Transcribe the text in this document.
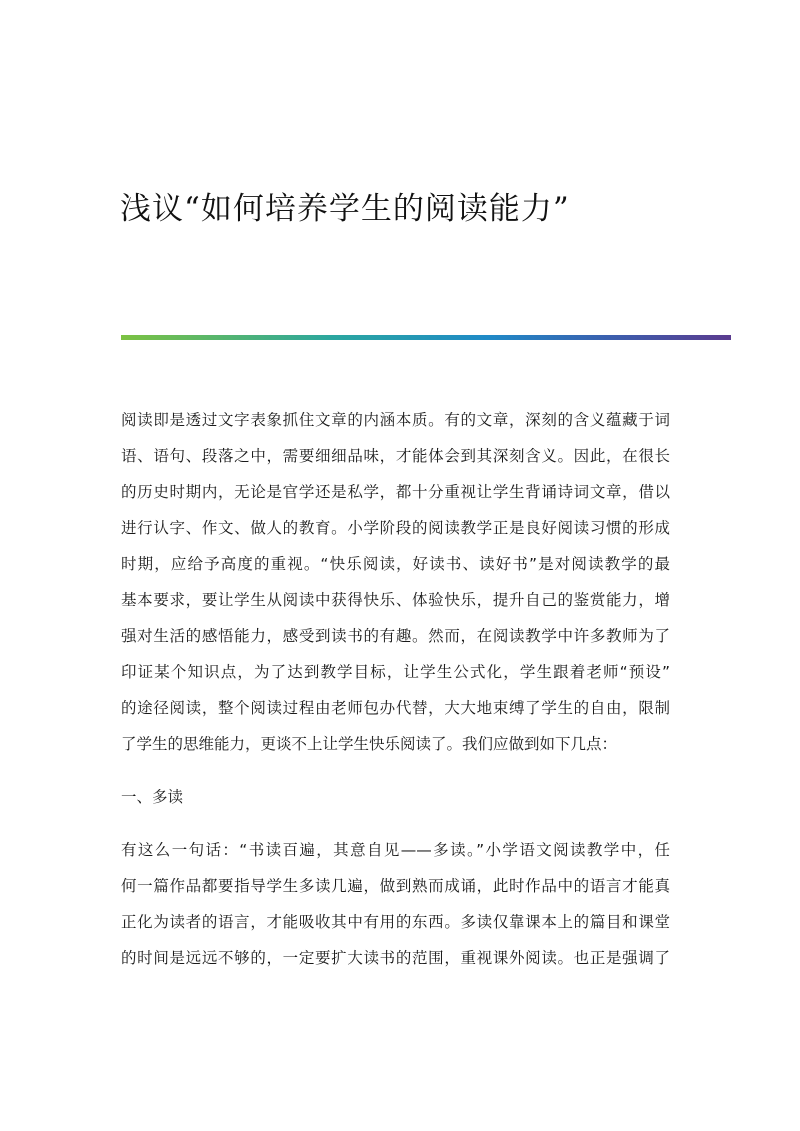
浅议“如何培养学生的阅读能力”
阅读即是透过文字表象抓住文章的内涵本质。有的文章，深刻的含义蕴藏于词
语、语句、段落之中，需要细细品味，才能体会到其深刻含义。因此，在很长
的历史时期内，无论是官学还是私学，都十分重视让学生背诵诗词文章，借以
进行认字、作文、做人的教育。小学阶段的阅读教学正是良好阅读习惯的形成
时期，应给予高度的重视。“快乐阅读，好读书、读好书”是对阅读教学的最
基本要求，要让学生从阅读中获得快乐、体验快乐，提升自己的鉴赏能力，增
强对生活的感悟能力，感受到读书的有趣。然而，在阅读教学中许多教师为了
印证某个知识点，为了达到教学目标，让学生公式化，学生跟着老师“预设”
的途径阅读，整个阅读过程由老师包办代替，大大地束缚了学生的自由，限制
了学生的思维能力，更谈不上让学生快乐阅读了。我们应做到如下几点：
一、多读
有这么一句话：“书读百遍，其意自见——多读。”小学语文阅读教学中，任
何一篇作品都要指导学生多读几遍，做到熟而成诵，此时作品中的语言才能真
正化为读者的语言，才能吸收其中有用的东西。多读仅靠课本上的篇目和课堂
的时间是远远不够的，一定要扩大读书的范围，重视课外阅读。也正是强调了
